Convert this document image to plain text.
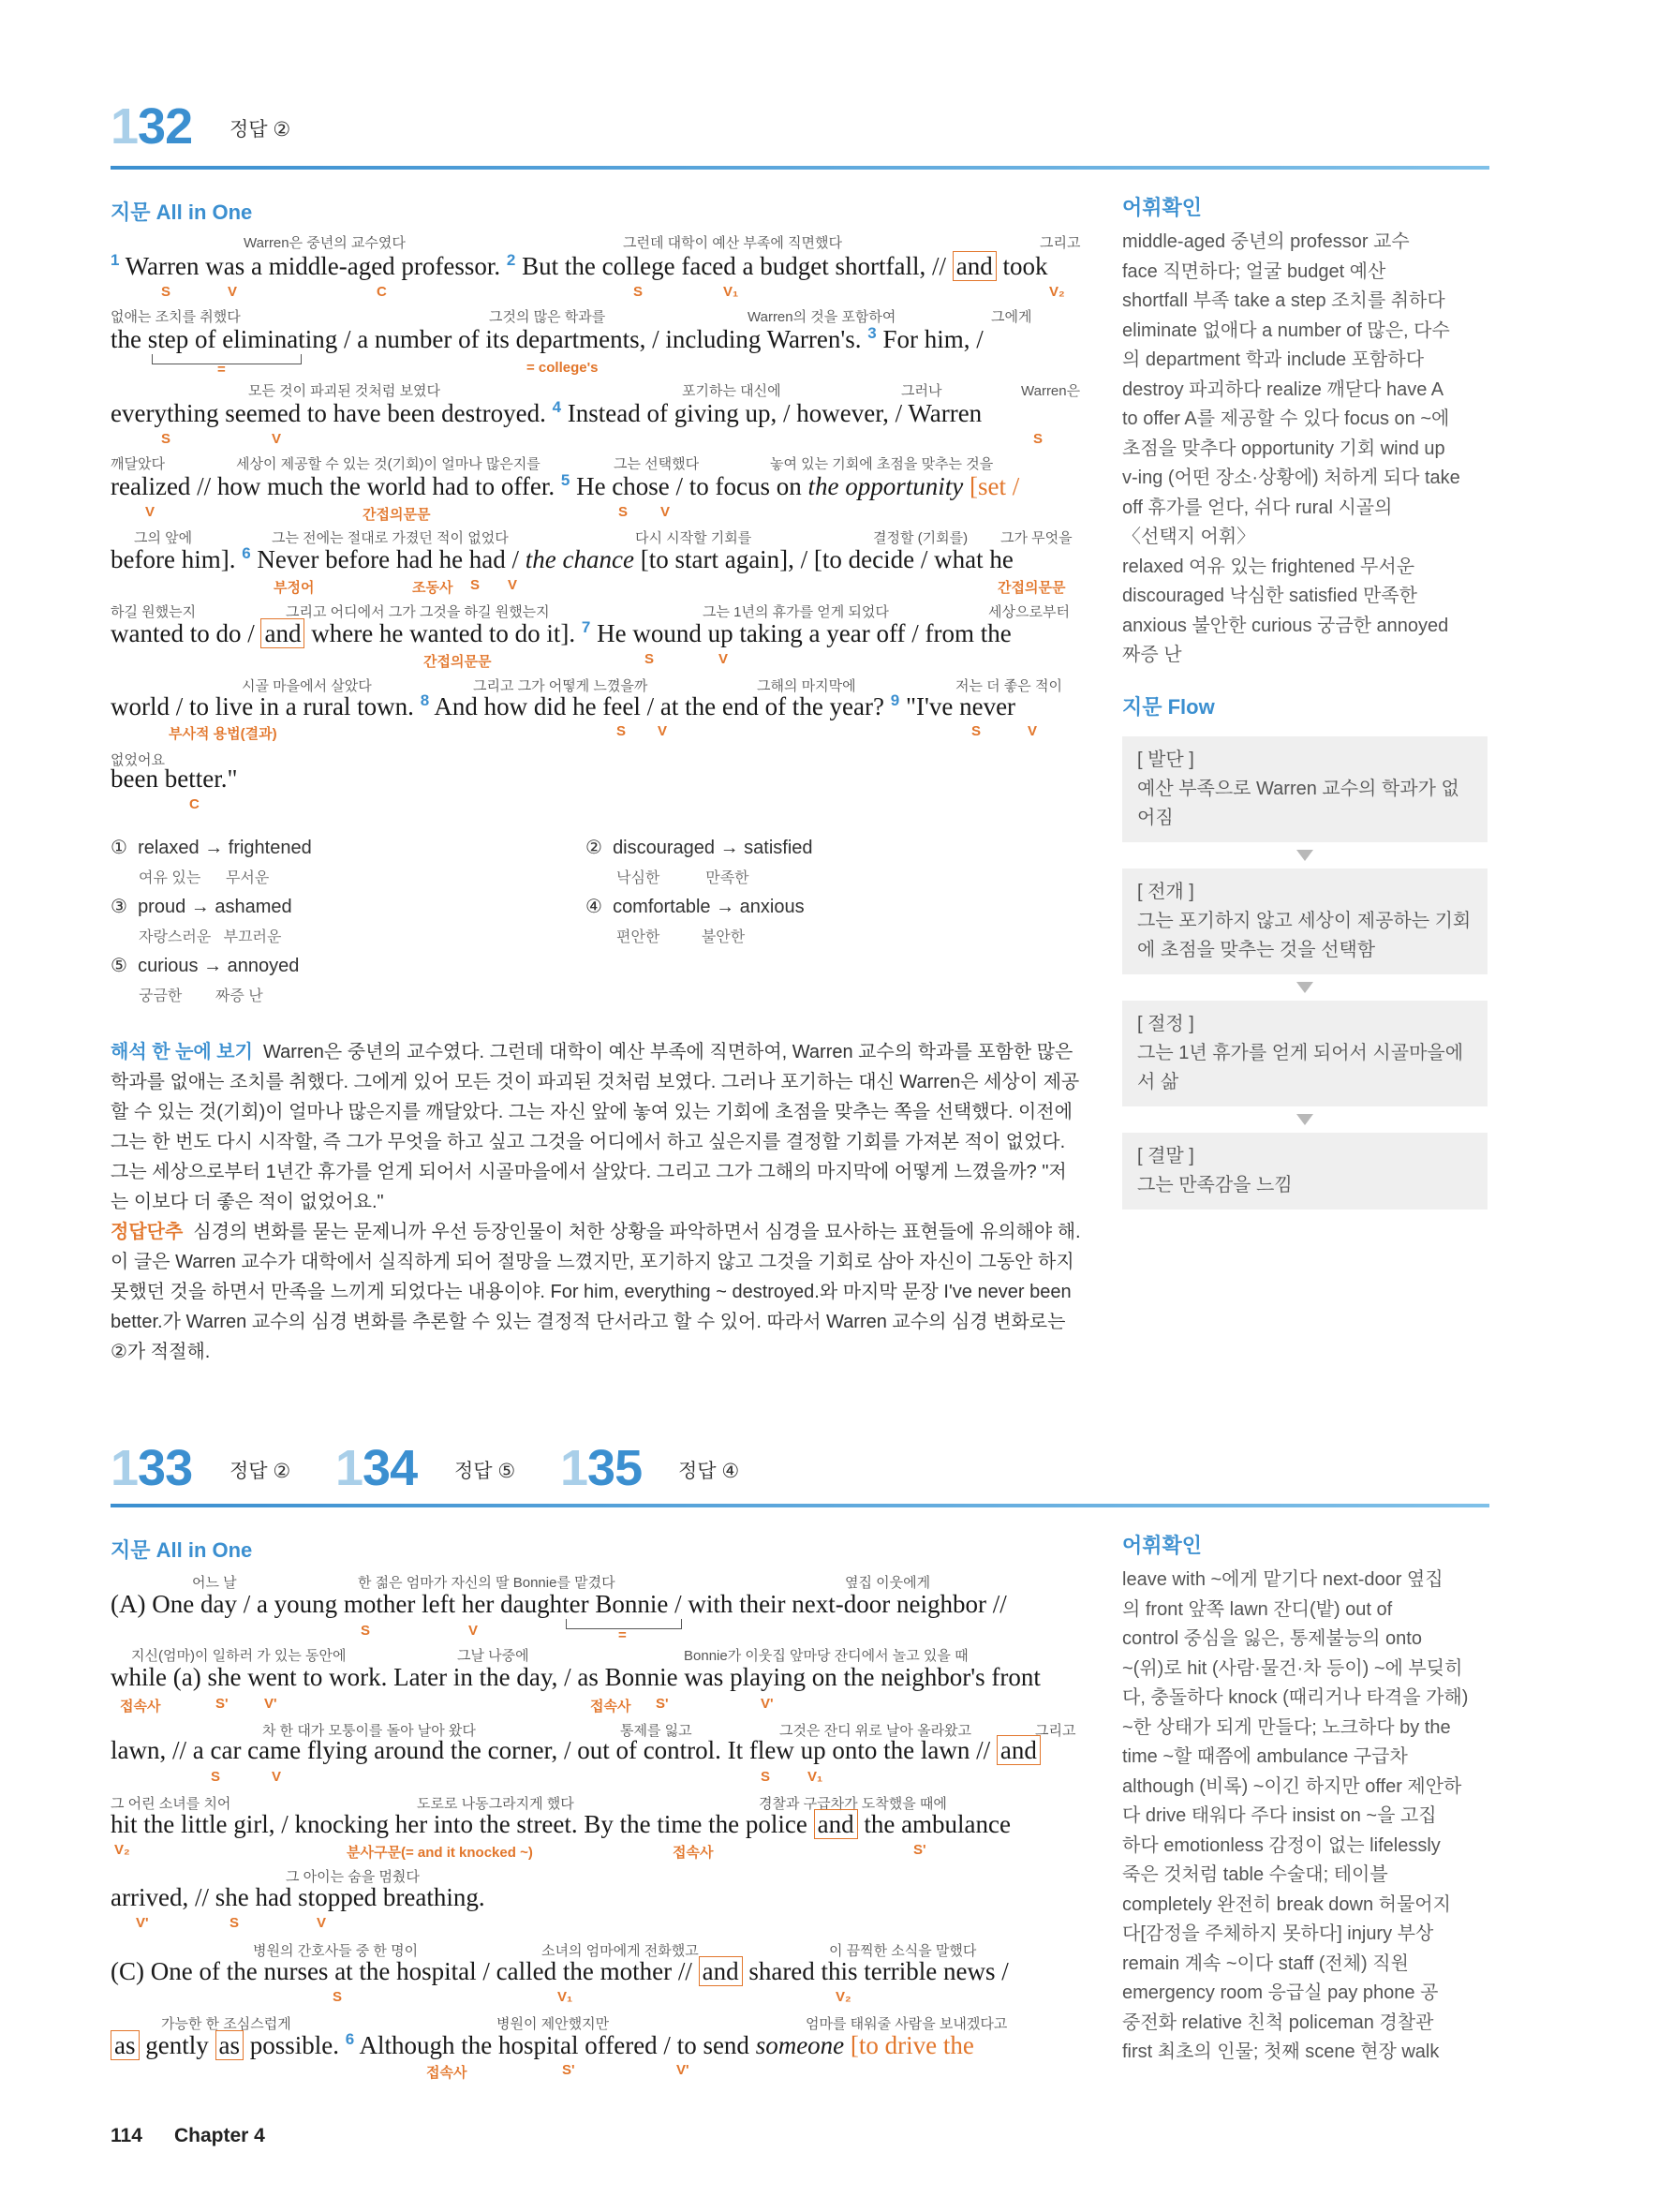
132 정답 ②
지문 All in One
Warren은 중년의 교수였다	그런데 대학이 예산 부족에 직면했다	그리고
$^1$ Warren was a middle-aged professor. $^2$ But the college faced a budget shortfall, // and took
S	V	C	S	V₁	V₂
없애는 조치를 취했다	그것의 많은 학과를	Warren의 것을 포함하여	그에게
the step of eliminating / a number of its departments, / including Warren's. $^3$ For him, /
=	= college's
모든 것이 파괴된 것처럼 보였다	포기하는 대신에	그러나	Warren은
everything seemed to have been destroyed. $^4$ Instead of giving up, / however, / Warren
S	V	S
깨달았다	세상이 제공할 수 있는 것(기회)이 얼마나 많은지를	그는 선택했다	놓여 있는 기회에 초점을 맞추는 것을
realized // how much the world had to offer. $^5$ He chose / to focus on the opportunity [set /
V	간접의문문	S V
그의 앞에	그는 전에는 절대로 가졌던 적이 없었다	다시 시작할 기회를	결정할 (기회를) 그가 무엇을
before him]. $^6$ Never before had he had / the chance [to start again], / [to decide / what he
부정어	조동사 S V	간접의문문
하길 원했는지	그리고 어디에서 그가 그것을 하길 원했는지	그는 1년의 휴가를 얻게 되었다	세상으로부터
wanted to do / and where he wanted to do it]. $^7$ He wound up taking a year off / from the
간접의문문	S	V
시골 마을에서 살았다	그리고 그가 어떻게 느꼈을까	그해의 마지막에	저는 더 좋은 적이
world / to live in a rural town. $^8$ And how did he feel / at the end of the year? $^9$ "I've never
부사적 용법(결과)	S V	S	V
없었어요
been better."
C
① relaxed → frightened
여유 있는      무서운
② discouraged → satisfied
낙심한           만족한
③ proud → ashamed
자랑스러운   부끄러운
④ comfortable → anxious
편안한          불안한
⑤ curious → annoyed
궁금한        짜증 난
해석 한 눈에 보기 Warren은 중년의 교수였다. 그런데 대학이 예산 부족에 직면하여, Warren 교수의 학과를 포함한 많은 학과를 없애는 조치를 취했다. 그에게 있어 모든 것이 파괴된 것처럼 보였다. 그러나 포기하는 대신 Warren은 세상이 제공할 수 있는 것(기회)이 얼마나 많은지를 깨달았다. 그는 자신 앞에 놓여 있는 기회에 초점을 맞추는 쪽을 선택했다. 이전에 그는 한 번도 다시 시작할, 즉 그가 무엇을 하고 싶고 그것을 어디에서 하고 싶은지를 결정할 기회를 가져본 적이 없었다. 그는 세상으로부터 1년간 휴가를 얻게 되어서 시골마을에서 살았다. 그리고 그가 그해의 마지막에 어떻게 느꼈을까? "저는 이보다 더 좋은 적이 없었어요."
정답단추 심경의 변화를 묻는 문제니까 우선 등장인물이 처한 상황을 파악하면서 심경을 묘사하는 표현들에 유의해야 해. 이 글은 Warren 교수가 대학에서 실직하게 되어 절망을 느꼈지만, 포기하지 않고 그것을 기회로 삼아 자신이 그동안 하지 못했던 것을 하면서 만족을 느끼게 되었다는 내용이야. For him, everything ~ destroyed.와 마지막 문장 I've never been better.가 Warren 교수의 심경 변화를 추론할 수 있는 결정적 단서라고 할 수 있어. 따라서 Warren 교수의 심경 변화로는 ②가 적절해.
어휘확인
middle-aged 중년의 professor 교수
face 직면하다; 얼굴 budget 예산
shortfall 부족 take a step 조치를 취하다
eliminate 없애다 a number of 많은, 다수
의 department 학과 include 포함하다
destroy 파괴하다 realize 깨닫다 have A
to offer A를 제공할 수 있다 focus on ~에
초점을 맞추다 opportunity 기회 wind up
v-ing (어떤 장소·상황에) 처하게 되다 take
off 휴가를 얻다, 쉬다 rural 시골의
〈선택지 어휘〉
relaxed 여유 있는 frightened 무서운
discouraged 낙심한 satisfied 만족한
anxious 불안한 curious 궁금한 annoyed
짜증 난
지문 Flow
[ 발단 ]
예산 부족으로 Warren 교수의 학과가 없어짐
[ 전개 ]
그는 포기하지 않고 세상이 제공하는 기회에 초점을 맞추는 것을 선택함
[ 절정 ]
그는 1년 휴가를 얻게 되어서 시골마을에서 삶
[ 결말 ]
그는 만족감을 느낌
133 정답 ② 134 정답 ⑤ 135 정답 ④
지문 All in One
어느 날	한 젊은 엄마가 자신의 딸 Bonnie를 맡겼다	옆집 이웃에게
(A) One day / a young mother left her daughter Bonnie / with their next-door neighbor //
S	V	=
지신(엄마)이 일하러 가 있는 동안에	그날 나중에	Bonnie가 이웃집 앞마당 잔디에서 놀고 있을 때
while (a) she went to work. Later in the day, / as Bonnie was playing on the neighbor's front
접속사	S'	V'	접속사 S'	V'
차 한 대가 모퉁이를 돌아 날아 왔다	통제를 잃고	그것은 잔디 위로 날아 올라왔고	그리고
lawn, // a car came flying around the corner, / out of control. It flew up onto the lawn // and
S	V	S	V₁
그 어린 소녀를 치어	도로로 나동그라지게 했다	경찰과 구급차가 도착했을 때에
hit the little girl, / knocking her into the street. By the time the police and the ambulance
V₂	분사구문(= and it knocked ~)	접속사	S'
그 아이는 숨을 멈췄다
arrived, // she had stopped breathing.
V'	S	V
병원의 간호사들 중 한 명이	소녀의 엄마에게 전화했고	이 끔찍한 소식을 말했다
(C) One of the nurses at the hospital / called the mother // and shared this terrible news /
S	V₁	V₂
가능한 한 조심스럽게	병원이 제안했지만	엄마를 태워줄 사람을 보내겠다고
as gently as possible. $^6$ Although the hospital offered / to send someone [to drive the
접속사	S'	V'
어휘확인
leave with ~에게 맡기다 next-door 옆집
의 front 앞쪽 lawn 잔디(밭) out of
control 중심을 잃은, 통제불능의 onto
~(위)로 hit (사람·물건·차 등이) ~에 부딪히
다, 충돌하다 knock (때리거나 타격을 가해)
~한 상태가 되게 만들다; 노크하다 by the
time ~할 때쯤에 ambulance 구급차
although (비록) ~이긴 하지만 offer 제안하
다 drive 태워다 주다 insist on ~을 고집
하다 emotionless 감정이 없는 lifelessly
죽은 것처럼 table 수술대; 테이블
completely 완전히 break down 허물어지
다[감정을 주체하지 못하다] injury 부상
remain 계속 ~이다 staff (전체) 직원
emergency room 응급실 pay phone 공
중전화 relative 친척 policeman 경찰관
first 최초의 인물; 첫째 scene 현장 walk
114 Chapter 4
